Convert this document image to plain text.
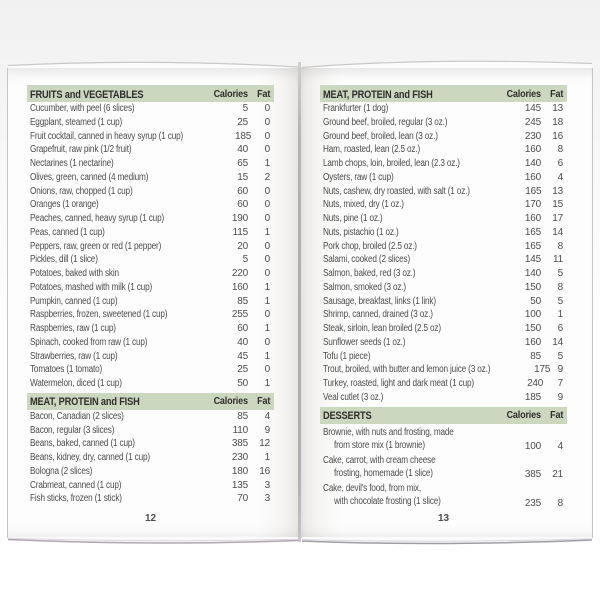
FRUITS and VEGETABLES	Calories Fat
Cucumber, with peel (6 slices)	5	0
Eggplant, steamed (1 cup)	25	0
Fruit cocktail, canned in heavy syrup (1 cup)	185	0
Grapefruit, raw pink (1/2 fruit)	40	0
Nectarines (1 nectarine)	65	1
Olives, green, canned (4 medium)	15	2
Onions, raw, chopped (1 cup)	60	0
Oranges (1 orange)	60	0
Peaches, canned, heavy syrup (1 cup)	190	0
Peas, canned (1 cup)	115	1
Peppers, raw, green or red (1 pepper)	20	0
Pickles, dill (1 slice)	5	0
Potatoes, baked with skin	220	0
Potatoes, mashed with milk (1 cup)	160	1
Pumpkin, canned (1 cup)	85	1
Raspberries, frozen, sweetened (1 cup)	255	0
Raspberries, raw (1 cup)	60	1
Spinach, cooked from raw (1 cup)	40	0
Strawberries, raw (1 cup)	45	1
Tomatoes (1 tomato)	25	0
Watermelon, diced (1 cup)	50	1
MEAT, PROTEIN and FISH	Calories Fat
Bacon, Canadian (2 slices)	85	4
Bacon, regular (3 slices)	110	9
Beans, baked, canned (1 cup)	385	12
Beans, kidney, dry, canned (1 cup)	230	1
Bologna (2 slices)	180	16
Crabmeat, canned (1 cup)	135	3
Fish sticks, frozen (1 stick)	70	3
12
MEAT, PROTEIN and FISH	Calories Fat
Frankfurter (1 dog)	145	13
Ground beef, broiled, regular (3 oz.)	245	18
Ground beef, broiled, lean (3 oz.)	230	16
Ham, roasted, lean (2.5 oz.)	160	8
Lamb chops, loin, broiled, lean (2.3 oz.)	140	6
Oysters, raw (1 cup)	160	4
Nuts, cashew, dry roasted, with salt (1 oz.)	165	13
Nuts, mixed, dry (1 oz.)	170	15
Nuts, pine (1 oz.)	160	17
Nuts, pistachio (1 oz.)	165	14
Pork chop, broiled (2.5 oz.)	165	8
Salami, cooked (2 slices)	145	11
Salmon, baked, red (3 oz.)	140	5
Salmon, smoked (3 oz.)	150	8
Sausage, breakfast, links (1 link)	50	5
Shrimp, canned, drained (3 oz.)	100	1
Steak, sirloin, lean broiled (2.5 oz)	150	6
Sunflower seeds (1 oz.)	160	14
Tofu (1 piece)	85	5
Trout, broiled, with butter and lemon juice (3 oz.)	175 9
Turkey, roasted, light and dark meat (1 cup)	240	7
Veal cutlet (3 oz.)	185	9
DESSERTS	Calories Fat
Brownie, with nuts and frosting, made
from store mix (1 brownie)	100	4
Cake, carrot, with cream cheese
frosting, homemade (1 slice)	385	21
Cake, devil's food, from mix,
with chocolate frosting (1 slice)	235	8
13
